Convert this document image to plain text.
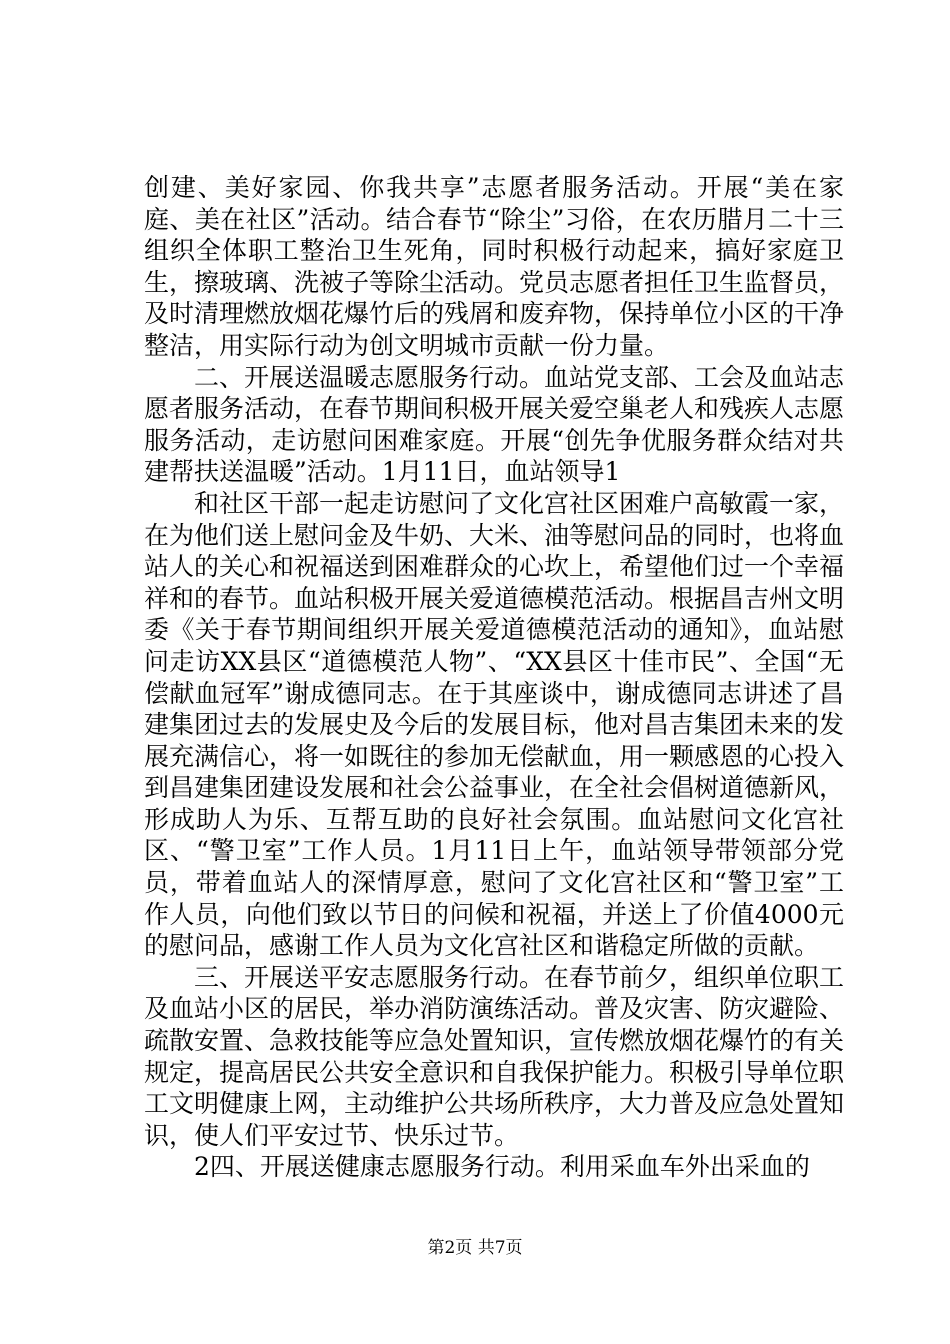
创建、美好家园、你我共享”志愿者服务活动。开展“美在家庭、美在社区”活动。结合春节“除尘”习俗，在农历腊月二十三组织全体职工整治卫生死角，同时积极行动起来，搞好家庭卫生，擦玻璃、洗被子等除尘活动。党员志愿者担任卫生监督员，及时清理燃放烟花爆竹后的残屑和废弃物，保持单位小区的干净整洁，用实际行动为创文明城市贡献一份力量。

二、开展送温暖志愿服务行动。血站党支部、工会及血站志愿者服务活动，在春节期间积极开展关爱空巢老人和残疾人志愿服务活动，走访慰问困难家庭。开展“创先争优服务群众结对共建帮扶送温暖”活动。1月11日，血站领导1

和社区干部一起走访慰问了文化宫社区困难户高敏霞一家，在为他们送上慰问金及牛奶、大米、油等慰问品的同时，也将血站人的关心和祝福送到困难群众的心坎上，希望他们过一个幸福祥和的春节。血站积极开展关爱道德模范活动。根据昌吉州文明委《关于春节期间组织开展关爱道德模范活动的通知》，血站慰问走访XX县区“道德模范人物”、“XX县区十佳市民”、全国“无偿献血冠军”谢成德同志。在于其座谈中，谢成德同志讲述了昌建集团过去的发展史及今后的发展目标，他对昌吉集团未来的发展充满信心，将一如既往的参加无偿献血，用一颗感恩的心投入到昌建集团建设发展和社会公益事业，在全社会倡树道德新风，形成助人为乐、互帮互助的良好社会氛围。血站慰问文化宫社区、“警卫室”工作人员。1月11日上午，血站领导带领部分党员，带着血站人的深情厚意，慰问了文化宫社区和“警卫室”工作人员，向他们致以节日的问候和祝福，并送上了价值4000元的慰问品，感谢工作人员为文化宫社区和谐稳定所做的贡献。

三、开展送平安志愿服务行动。在春节前夕，组织单位职工及血站小区的居民，举办消防演练活动。普及灾害、防灾避险、疏散安置、急救技能等应急处置知识，宣传燃放烟花爆竹的有关规定，提高居民公共安全意识和自我保护能力。积极引导单位职工文明健康上网，主动维护公共场所秩序，大力普及应急处置知识，使人们平安过节、快乐过节。

2四、开展送健康志愿服务行动。利用采血车外出采血的

第2页 共7页
